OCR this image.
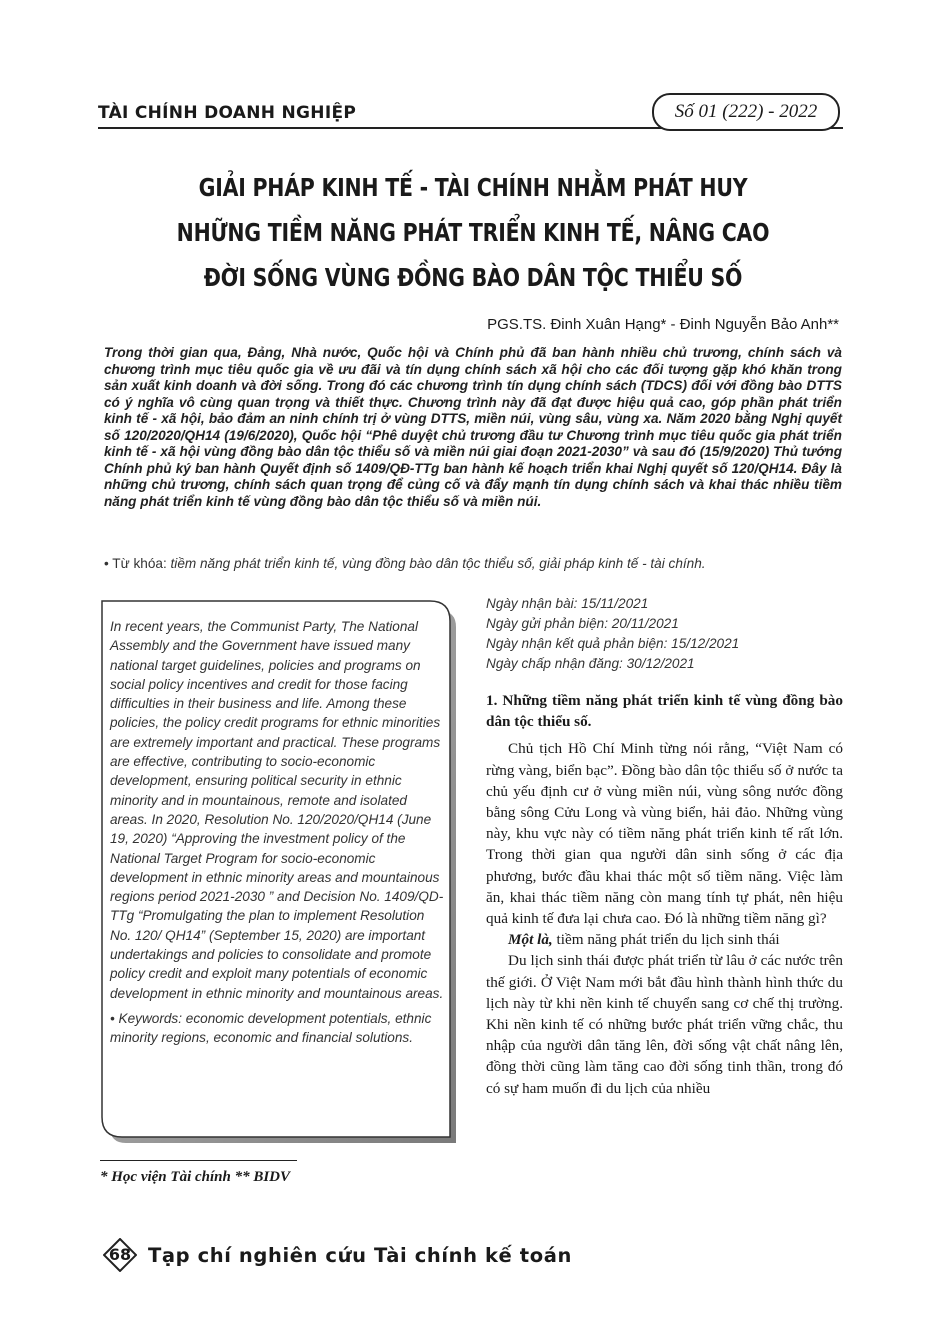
TÀI CHÍNH DOANH NGHIỆP	Số 01 (222) - 2022
GIẢI PHÁP KINH TẾ - TÀI CHÍNH NHẰM PHÁT HUY NHỮNG TIỀM NĂNG PHÁT TRIỂN KINH TẾ, NÂNG CAO ĐỜI SỐNG VÙNG ĐỒNG BÀO DÂN TỘC THIỂU SỐ
PGS.TS. Đinh Xuân Hạng* - Đinh Nguyễn Bảo Anh**
Trong thời gian qua, Đảng, Nhà nước, Quốc hội và Chính phủ đã ban hành nhiều chủ trương, chính sách và chương trình mục tiêu quốc gia về ưu đãi và tín dụng chính sách xã hội cho các đối tượng gặp khó khăn trong sản xuất kinh doanh và đời sống. Trong đó các chương trình tín dụng chính sách (TDCS) đối với đồng bào DTTS có ý nghĩa vô cùng quan trọng và thiết thực. Chương trình này đã đạt được hiệu quả cao, góp phần phát triển kinh tế - xã hội, bảo đảm an ninh chính trị ở vùng DTTS, miền núi, vùng sâu, vùng xa. Năm 2020 bằng Nghị quyết số 120/2020/QH14 (19/6/2020), Quốc hội “Phê duyệt chủ trương đầu tư Chương trình mục tiêu quốc gia phát triển kinh tế - xã hội vùng đồng bào dân tộc thiểu số và miền núi giai đoạn 2021-2030” và sau đó (15/9/2020) Thủ tướng Chính phủ ký ban hành Quyết định số 1409/QĐ-TTg ban hành kế hoạch triển khai Nghị quyết số 120/QH14. Đây là những chủ trương, chính sách quan trọng để củng cố và đẩy mạnh tín dụng chính sách và khai thác nhiều tiềm năng phát triển kinh tế vùng đồng bào dân tộc thiểu số và miền núi.
• Từ khóa: tiềm năng phát triển kinh tế, vùng đồng bào dân tộc thiểu số, giải pháp kinh tế - tài chính.
In recent years, the Communist Party, The National Assembly and the Government have issued many national target guidelines, policies and programs on social policy incentives and credit for those facing difficulties in their business and life. Among these policies, the policy credit programs for ethnic minorities are extremely important and practical. These programs are effective, contributing to socio-economic development, ensuring political security in ethnic minority and in mountainous, remote and isolated areas. In 2020, Resolution No. 120/2020/QH14 (June 19, 2020) “Approving the investment policy of the National Target Program for socio-economic development in ethnic minority areas and mountainous regions period 2021-2030 ” and Decision No. 1409/QD-TTg “Promulgating the plan to implement Resolution No. 120/ QH14” (September 15, 2020) are important undertakings and policies to consolidate and promote policy credit and exploit many potentials of economic development in ethnic minority and mountainous areas.
• Keywords: economic development potentials, ethnic minority regions, economic and financial solutions.
Ngày nhận bài: 15/11/2021
Ngày gửi phản biện: 20/11/2021
Ngày nhận kết quả phản biện: 15/12/2021
Ngày chấp nhận đăng: 30/12/2021

1. Những tiềm năng phát triển kinh tế vùng đồng bào dân tộc thiểu số.

Chủ tịch Hồ Chí Minh từng nói rằng, “Việt Nam có rừng vàng, biển bạc”. Đồng bào dân tộc thiểu số ở nước ta chủ yếu định cư ở vùng miền núi, vùng sông nước đồng bằng sông Cửu Long và vùng biển, hải đảo. Những vùng này, khu vực này có tiềm năng phát triển kinh tế rất lớn. Trong thời gian qua người dân sinh sống ở các địa phương, bước đầu khai thác một số tiềm năng. Việc làm ăn, khai thác tiềm năng còn mang tính tự phát, nên hiệu quả kinh tế đưa lại chưa cao. Đó là những tiềm năng gì?

Một là, tiềm năng phát triển du lịch sinh thái

Du lịch sinh thái được phát triển từ lâu ở các nước trên thế giới. Ở Việt Nam mới bắt đầu hình thành hình thức du lịch này từ khi nền kinh tế chuyển sang cơ chế thị trường. Khi nền kinh tế có những bước phát triển vững chắc, thu nhập của người dân tăng lên, đời sống vật chất nâng lên, đồng thời cũng làm tăng cao đời sống tinh thần, trong đó có sự ham muốn đi du lịch của nhiều

* Học viện Tài chính ** BIDV
68 Tạp chí nghiên cứu Tài chính kế toán
